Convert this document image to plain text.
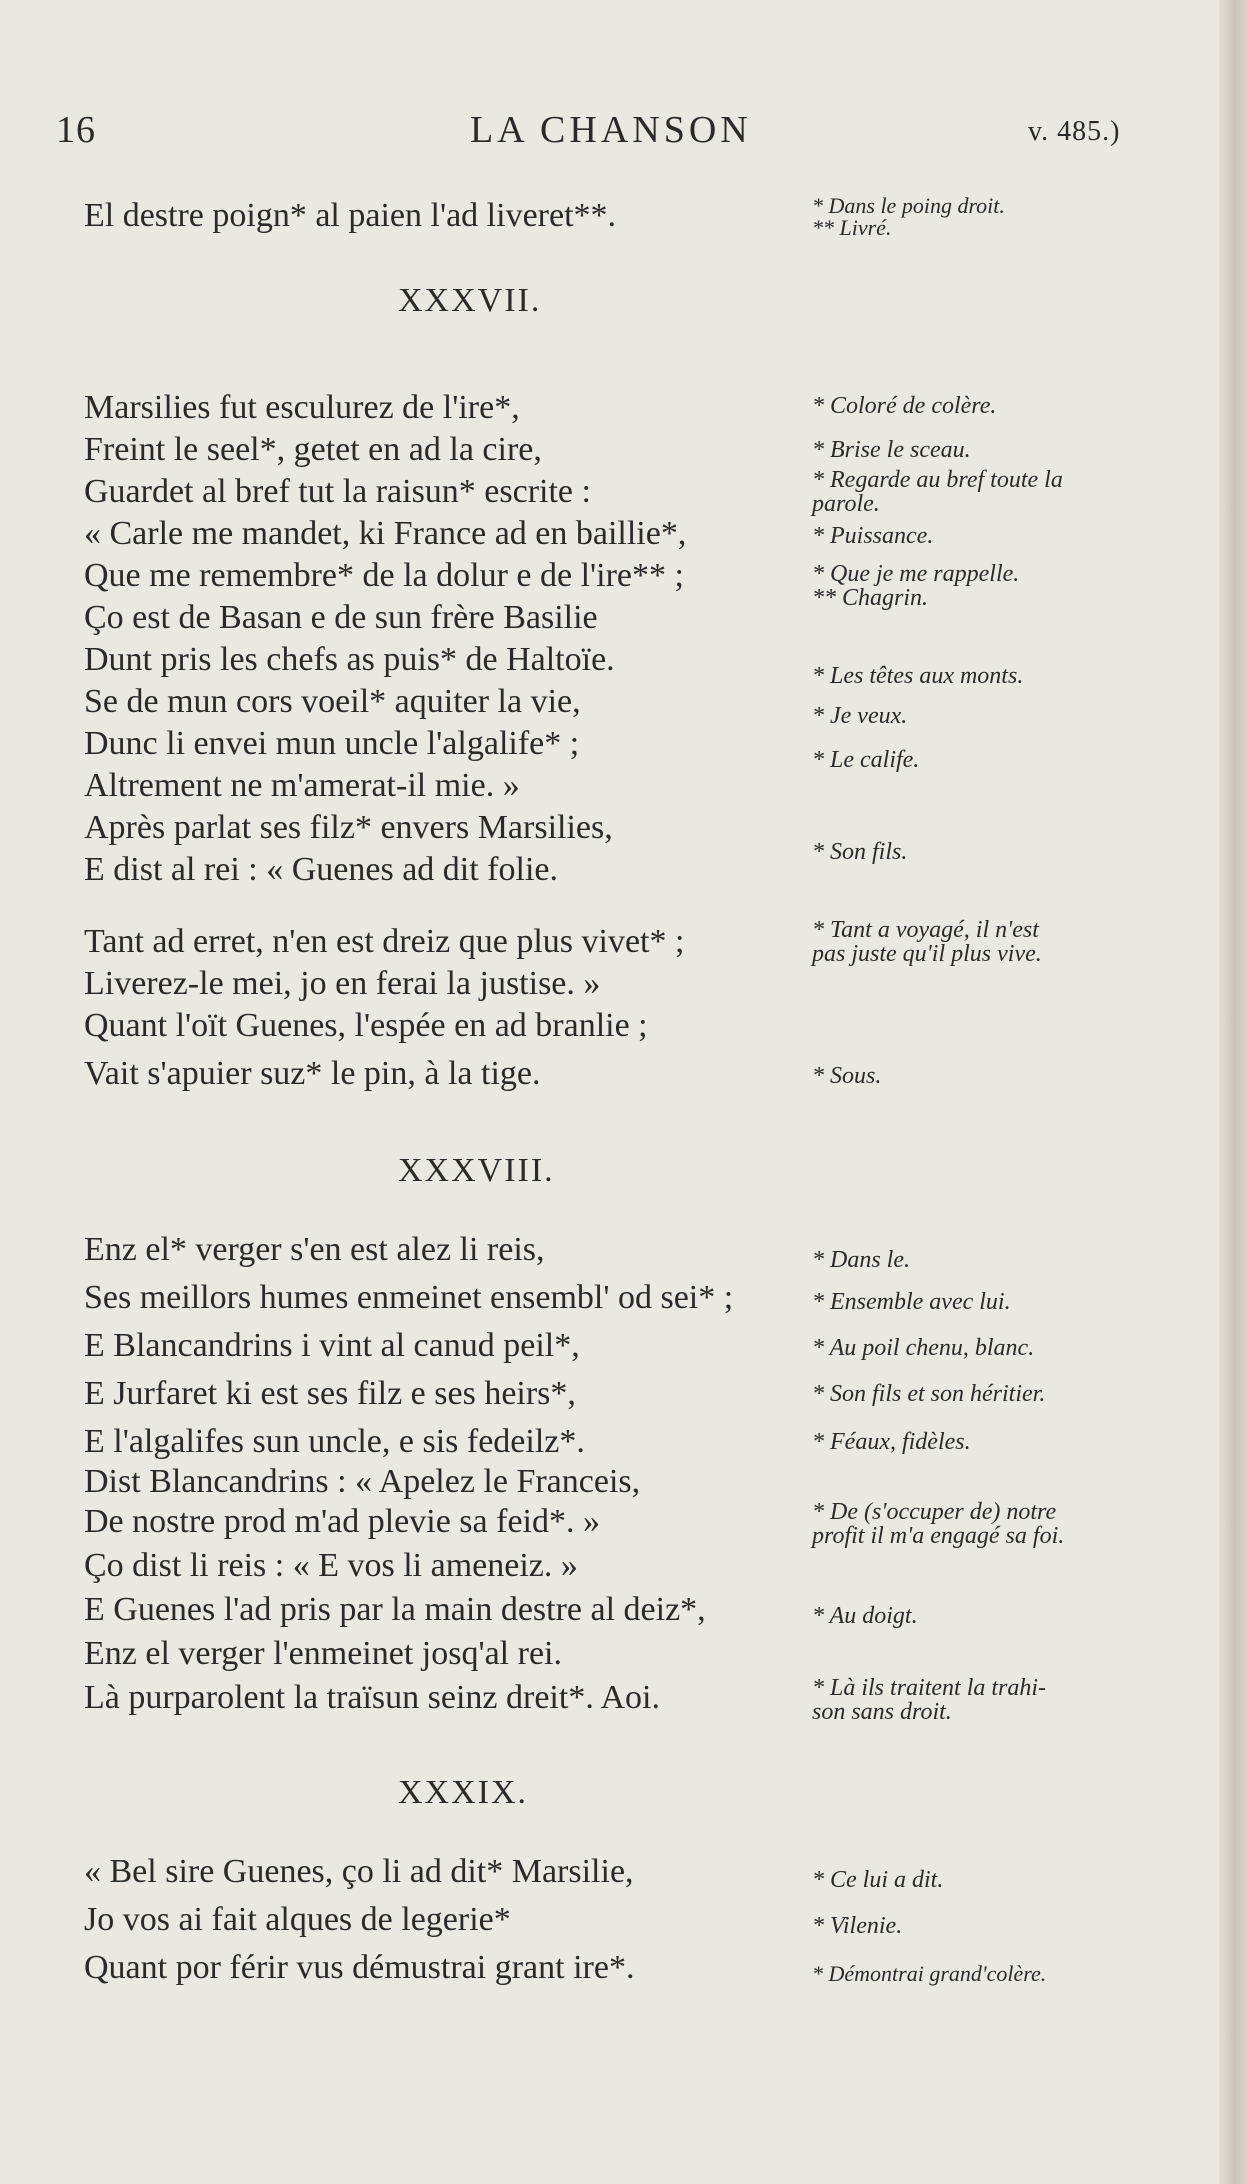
16	LA CHANSON	v. 485.)
El destre poign* al paien l'ad liveret**.	* Dans le poing droit.
** Livré.
XXXVII.
Marsilies fut esculurez de l'ire*,
Freint le seel*, getet en ad la cire,
Guardet al bref tut la raisun* escrite :
« Carle me mandet, ki France ad en baillie*,
Que me remembre* de la dolur e de l'ire** ;
Ço est de Basan e de sun frère Basilie
Dunt pris les chefs as puis* de Haltoïe.
Se de mun cors voeil* aquiter la vie,
Dunc li envei mun uncle l'algalife* ;
Altrement ne m'amerat-il mie. »
Après parlat ses filz* envers Marsilies,
E dist al rei : « Guenes ad dit folie.
Tant ad erret, n'en est dreiz que plus vivet* ;
Liverez-le mei, jo en ferai la justise. »
Quant l'oït Guenes, l'espée en ad branlie ;
Vait s'apuier suz* le pin, à la tige.
* Coloré de colère.
* Brise le sceau.
* Regarde au bref toute la
parole.
* Puissance.
* Que je me rappelle.
** Chagrin.
* Les têtes aux monts.
* Je veux.
* Le calife.
* Son fils.
* Tant a voyagé, il n'est
pas juste qu'il plus vive.
* Sous.
XXXVIII.
Enz el* verger s'en est alez li reis,
Ses meillors humes enmeinet ensembl' od sei* ;
E Blancandrins i vint al canud peil*,
E Jurfaret ki est ses filz e ses heirs*,
E l'algalifes sun uncle, e sis fedeilz*.
Dist Blancandrins : « Apelez le Franceis,
De nostre prod m'ad plevie sa feid*. »
Ço dist li reis : « E vos li ameneiz. »
E Guenes l'ad pris par la main destre al deiz*,
Enz el verger l'enmeinet josq'al rei.
Là purparolent la traïsun seinz dreit*. Aoi.
* Dans le.
* Ensemble avec lui.
* Au poil chenu, blanc.
* Son fils et son héritier.
* Féaux, fidèles.
* De (s'occuper de) notre
profit il m'a engagé sa foi.
* Au doigt.
* Là ils traitent la trahi-
son sans droit.
XXXIX.
« Bel sire Guenes, ço li ad dit* Marsilie,
Jo vos ai fait alques de legerie*
Quant por férir vus démustrai grant ire*.
* Ce lui a dit.
* Vilenie.
* Démontrai grand'colère.
